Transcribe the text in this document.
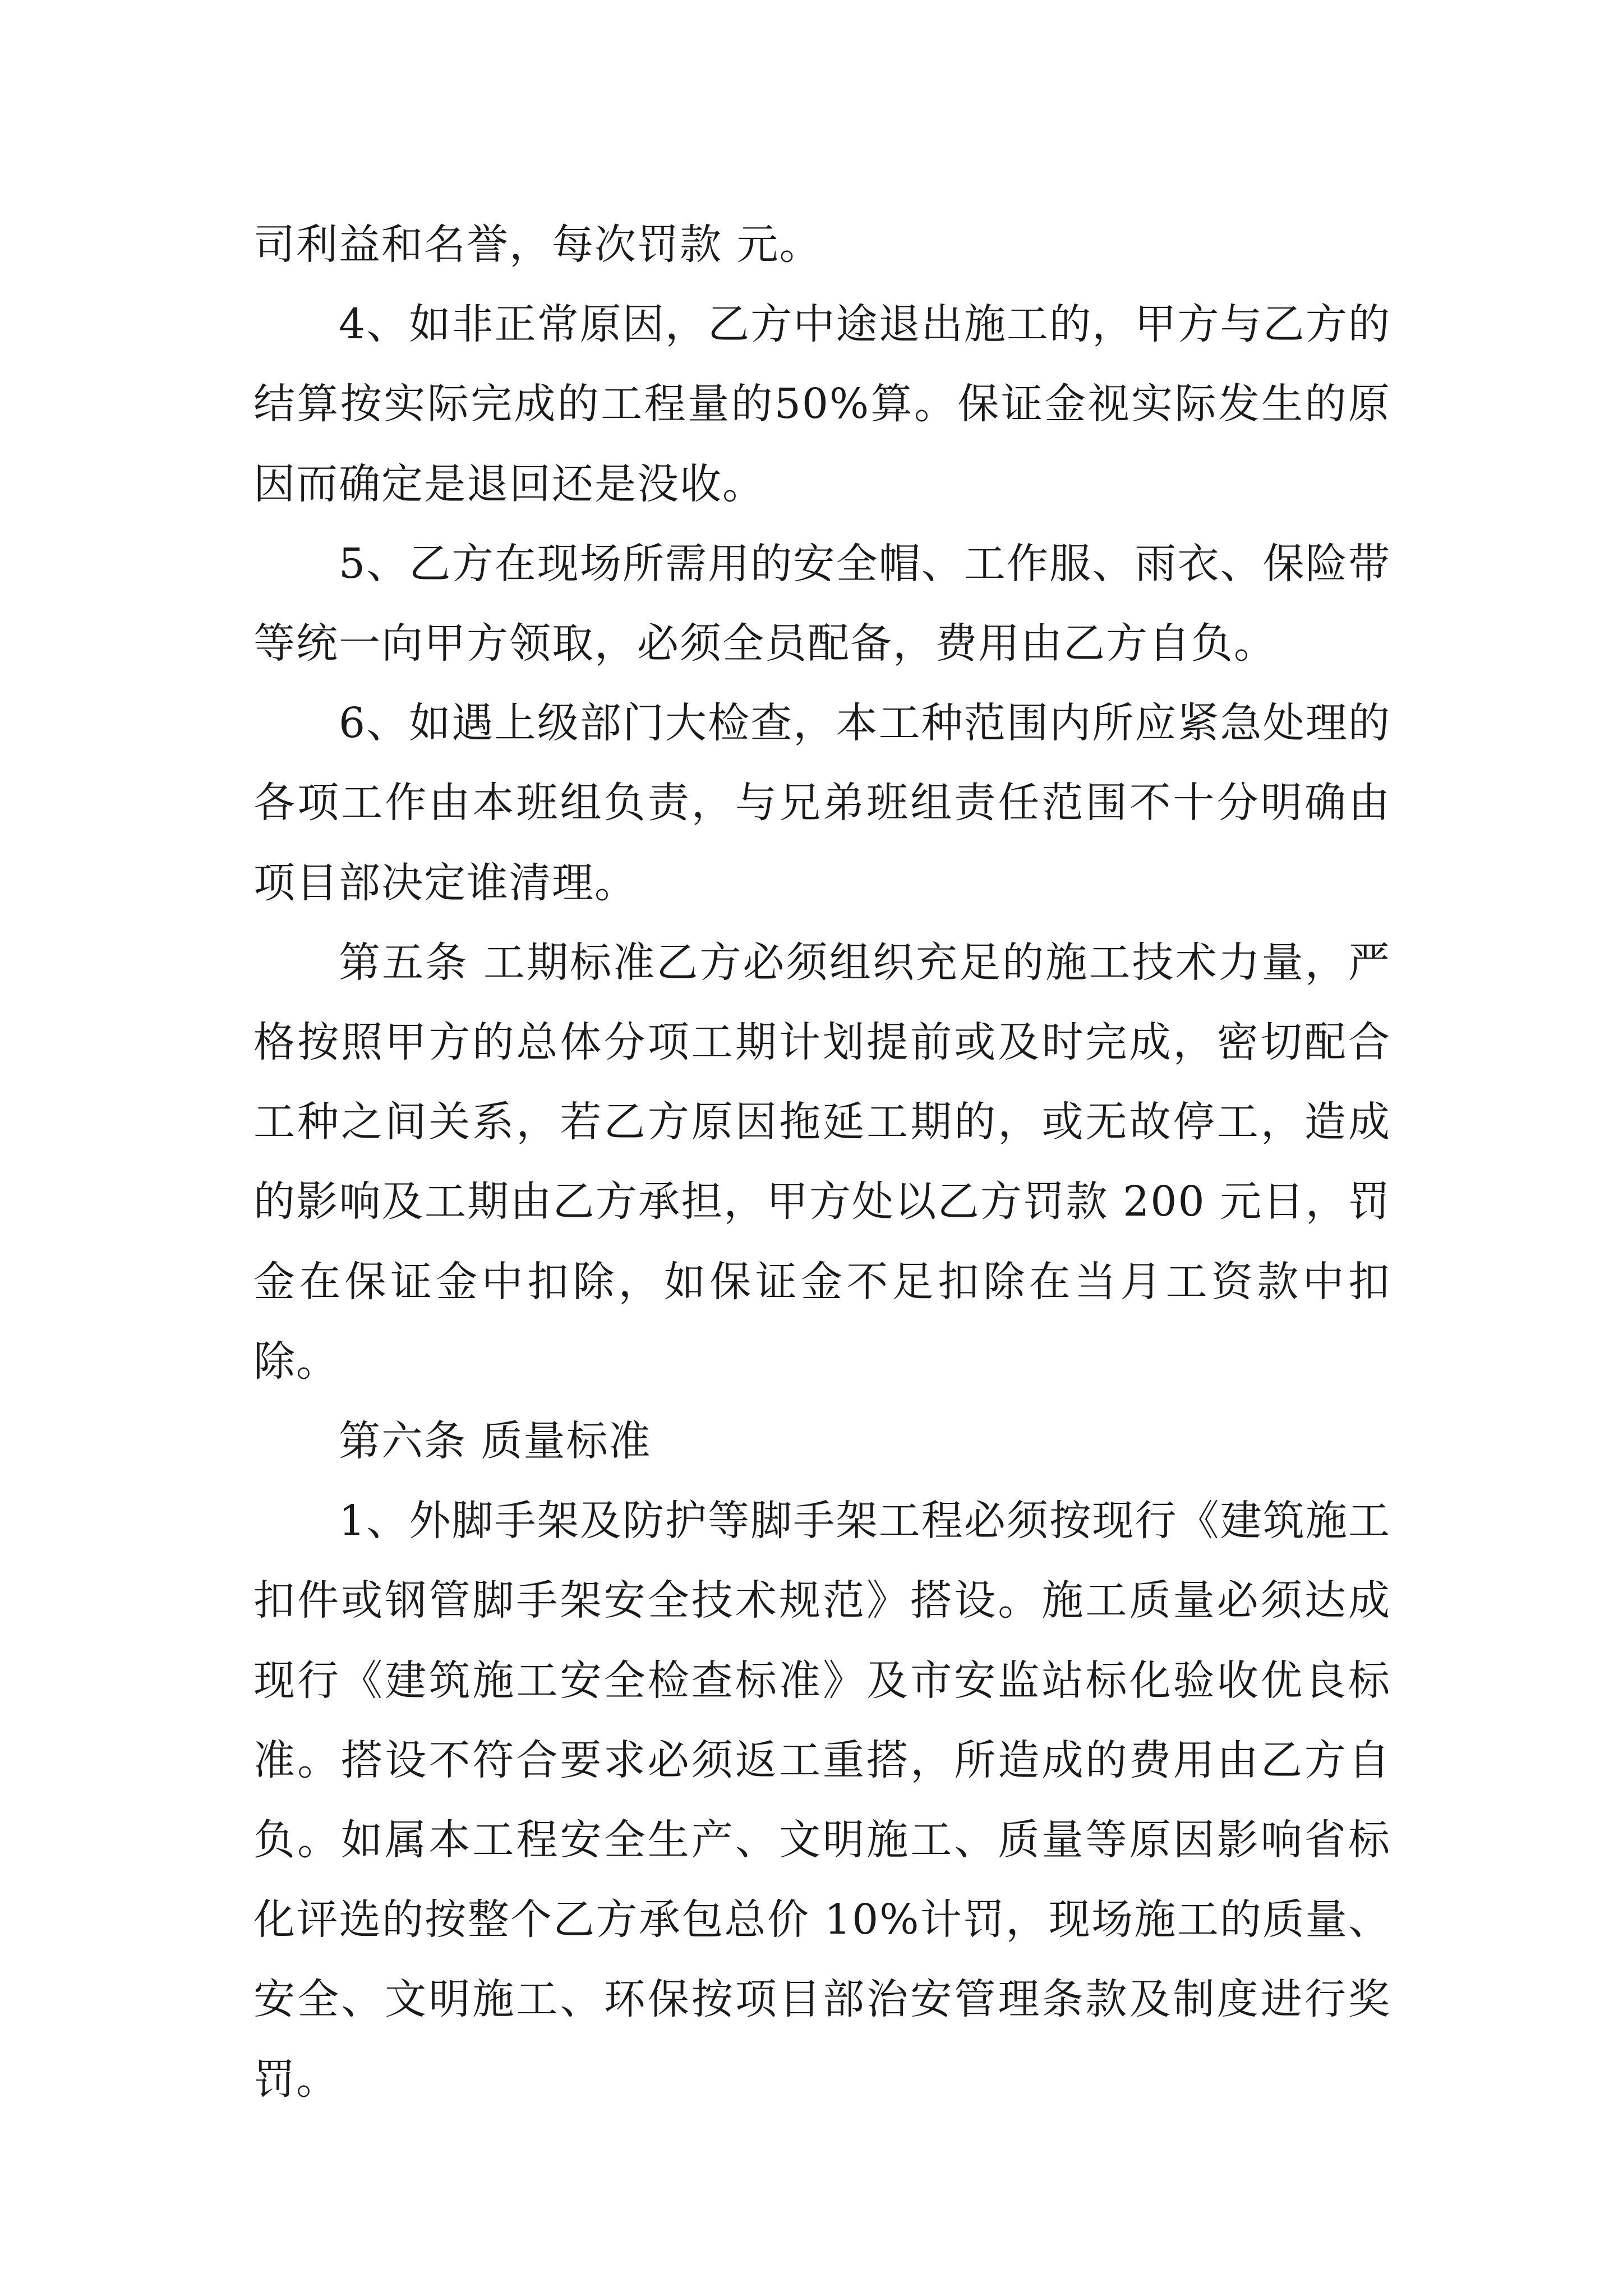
司利益和名誉，每次罚款 元。

4、如非正常原因，乙方中途退出施工的，甲方与乙方的结算按实际完成的工程量的50%算。保证金视实际发生的原因而确定是退回还是没收。

5、乙方在现场所需用的安全帽、工作服、雨衣、保险带等统一向甲方领取，必须全员配备，费用由乙方自负。

6、如遇上级部门大检查，本工种范围内所应紧急处理的各项工作由本班组负责，与兄弟班组责任范围不十分明确由项目部决定谁清理。

第五条 工期标准乙方必须组织充足的施工技术力量，严格按照甲方的总体分项工期计划提前或及时完成，密切配合工种之间关系，若乙方原因拖延工期的，或无故停工，造成的影响及工期由乙方承担，甲方处以乙方罚款 200 元日，罚金在保证金中扣除，如保证金不足扣除在当月工资款中扣除。

第六条 质量标准

1、外脚手架及防护等脚手架工程必须按现行《建筑施工扣件或钢管脚手架安全技术规范》搭设。施工质量必须达成现行《建筑施工安全检查标准》及市安监站标化验收优良标准。搭设不符合要求必须返工重搭，所造成的费用由乙方自负。如属本工程安全生产、文明施工、质量等原因影响省标化评选的按整个乙方承包总价 10%计罚，现场施工的质量、安全、文明施工、环保按项目部治安管理条款及制度进行奖罚。
